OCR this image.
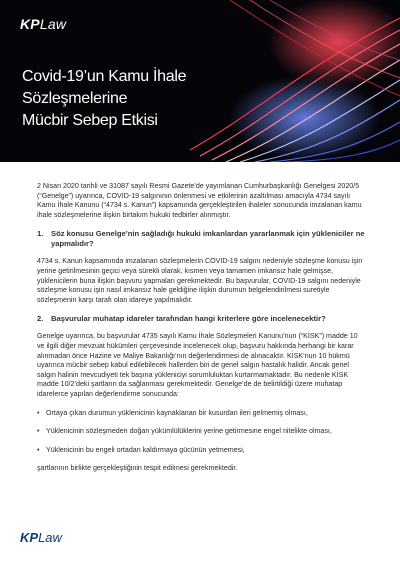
KPLaw
Covid-19’un Kamu İhale Sözleşmelerine
Mücbir Sebep Etkisi

2 Nisan 2020 tarihli ve 31087 sayılı Resmi Gazete’de yayımlanan Cumhurbaşkanlığı Genelgesi 2020/5 (“Genelge”) uyarınca, COVID-19 salgınının önlenmesi ve etkilerinin azaltılması amacıyla 4734 sayılı Kamu İhale Kanunu (“4734 s. Kanun”) kapsamında gerçekleştirilen ihaleler sonucunda imzalanan kamu ihale sözleşmelerine ilişkin birtakım hukuki tedbirler alınmıştır.

1.	Söz konusu Genelge’nin sağladığı hukuki imkanlardan yararlanmak için yükleniciler ne yapmalıdır?

4734 s. Kanun kapsamında imzalanan sözleşmelerin COVID-19 salgını nedeniyle sözleşme konusu işin yerine getirilmesinin geçici veya sürekli olarak, kısmen veya tamamen imkansız hale gelmişse, yüklenicilerin buna ilişkin başvuru yapmaları gerekmektedir. Bu başvurular, COVID-19 salgını nedeniyle sözleşme konusu işin nasıl imkansız hale geldiğine ilişkin durumun belgelendirilmesi suretiyle sözleşmenin karşı tarafı olan idareye yapılmalıdır.

2.	Başvurular muhatap idareler tarafından hangi kriterlere göre incelenecektir?

Genelge uyarınca, bu başvurular 4735 sayılı Kamu İhale Sözleşmeleri Kanunu’nun (“KİSK”) madde 10 ve ilgili diğer mevzuat hükümleri çerçevesinde incelenecek olup, başvuru hakkında herhangi bir karar alınmadan önce Hazine ve Maliye Bakanlığı’nın değerlendirmesi de alınacaktır. KİSK’nun 10 hükmü uyarınca mücbir sebep kabul edilebilecek hallerden biri de genel salgın hastalık halidir. Ancak genel salgın halinin mevcudiyeti tek başına yükleniciyi sorumluluktan kurtarmamaktadır. Bu nedenle KİSK madde 10/2’deki şartların da sağlanması gerekmektedir. Genelge’de de belirtildiği üzere muhatap idarelerce yapılan değerlendirme sonucunda:

• Ortaya çıkan durumun yüklenicinin kaynaklanan bir kusurdan ileri gelmemiş olması,
• Yüklenicinin sözleşmeden doğan yükümlülüklerini yerine getirmesine engel nitelikte olması,
• Yüklenicinin bu engeli ortadan kaldırmaya gücünün yetmemesi,

şartlarının birlikte gerçekleştiğinin tespit edilmesi gerekmektedir.

KPLaw
